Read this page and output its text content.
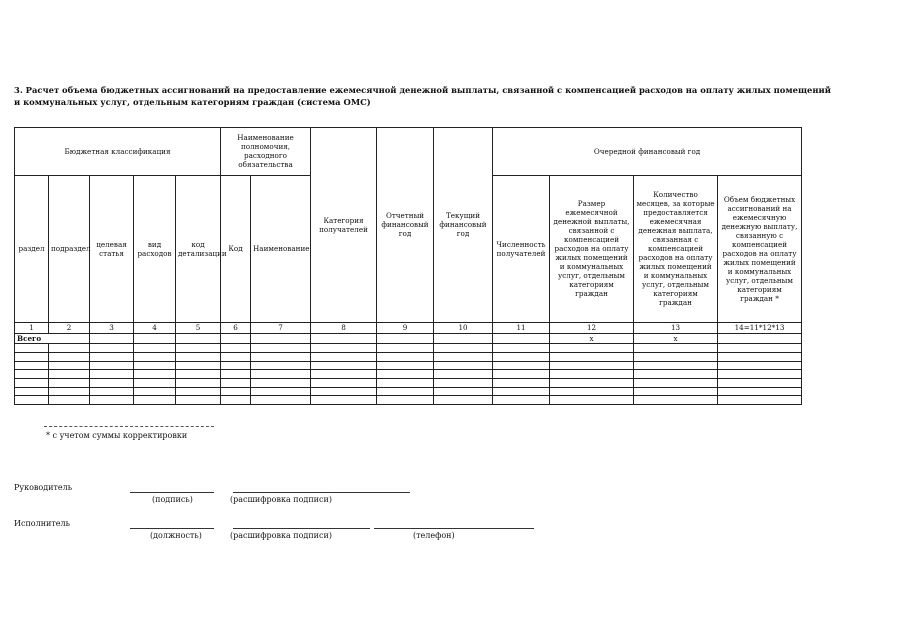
3. Расчет объема бюджетных ассигнований на предоставление ежемесячной денежной выплаты, связанной с компенсацией расходов на оплату жилых помещений и коммунальных услуг, отдельным категориям граждан (система ОМС)
Бюджетная классификация					Наименование полномочия, расходного обязательства		Категория получателей	Отчетный финансовый год	Текущий финансовый год	Очередной финансовый год			
раздел	подраздел	целевая статья	вид расходов	код детализации	Код	Наименование				Численность получателей	Размер ежемесячной денежной выплаты, связанной с компенсацией расходов на оплату жилых помещений и коммунальных услуг, отдельным категориям граждан	Количество месяцев, за которые предоставляется ежемесячная денежная выплата, связанная с компенсацией расходов на оплату жилых помещений и коммунальных услуг, отдельным категориям граждан	Объем бюджетных ассигнований на ежемесячную денежную выплату, связанную с компенсацией расходов на оплату жилых помещений и коммунальных услуг, отдельным категориям граждан *
1	2	3	4	5	6	7	8	9	10	11	12	13	14=11*12*13
Всего											x	x	

* с учетом суммы корректировки
Руководитель
(подпись)	(расшифровка подписи)
Исполнитель
(должность)	(расшифровка подписи)	(телефон)
